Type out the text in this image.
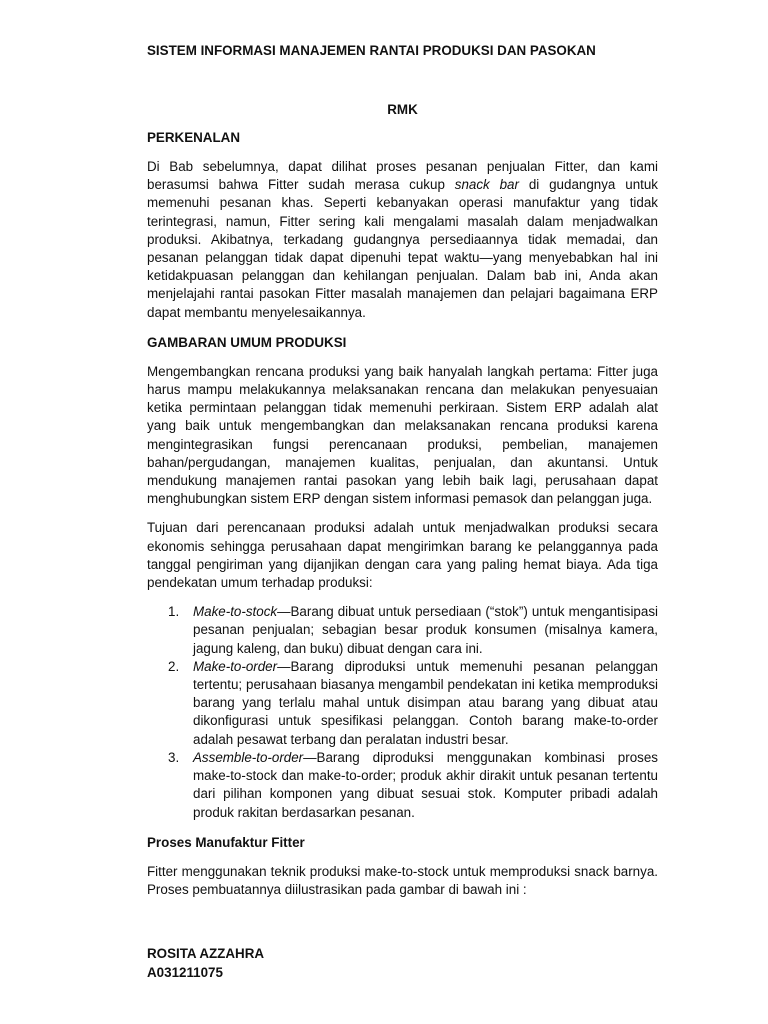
SISTEM INFORMASI MANAJEMEN RANTAI PRODUKSI DAN PASOKAN
RMK
PERKENALAN

Di Bab sebelumnya, dapat dilihat proses pesanan penjualan Fitter, dan kami berasumsi bahwa Fitter sudah merasa cukup snack bar di gudangnya untuk memenuhi pesanan khas. Seperti kebanyakan operasi manufaktur yang tidak terintegrasi, namun, Fitter sering kali mengalami masalah dalam menjadwalkan produksi. Akibatnya, terkadang gudangnya persediaannya tidak memadai, dan pesanan pelanggan tidak dapat dipenuhi tepat waktu—yang menyebabkan hal ini ketidakpuasan pelanggan dan kehilangan penjualan. Dalam bab ini, Anda akan menjelajahi rantai pasokan Fitter masalah manajemen dan pelajari bagaimana ERP dapat membantu menyelesaikannya.

GAMBARAN UMUM PRODUKSI

Mengembangkan rencana produksi yang baik hanyalah langkah pertama: Fitter juga harus mampu melakukannya melaksanakan rencana dan melakukan penyesuaian ketika permintaan pelanggan tidak memenuhi perkiraan. Sistem ERP adalah alat yang baik untuk mengembangkan dan melaksanakan rencana produksi karena mengintegrasikan fungsi perencanaan produksi, pembelian, manajemen bahan/pergudangan, manajemen kualitas, penjualan, dan akuntansi. Untuk mendukung manajemen rantai pasokan yang lebih baik lagi, perusahaan dapat menghubungkan sistem ERP dengan sistem informasi pemasok dan pelanggan juga.

Tujuan dari perencanaan produksi adalah untuk menjadwalkan produksi secara ekonomis sehingga perusahaan dapat mengirimkan barang ke pelanggannya pada tanggal pengiriman yang dijanjikan dengan cara yang paling hemat biaya. Ada tiga pendekatan umum terhadap produksi:

1. Make-to-stock—Barang dibuat untuk persediaan (“stok”) untuk mengantisipasi pesanan penjualan; sebagian besar produk konsumen (misalnya kamera, jagung kaleng, dan buku) dibuat dengan cara ini.
2. Make-to-order—Barang diproduksi untuk memenuhi pesanan pelanggan tertentu; perusahaan biasanya mengambil pendekatan ini ketika memproduksi barang yang terlalu mahal untuk disimpan atau barang yang dibuat atau dikonfigurasi untuk spesifikasi pelanggan. Contoh barang make-to-order adalah pesawat terbang dan peralatan industri besar.
3. Assemble-to-order—Barang diproduksi menggunakan kombinasi proses make-to-stock dan make-to-order; produk akhir dirakit untuk pesanan tertentu dari pilihan komponen yang dibuat sesuai stok. Komputer pribadi adalah produk rakitan berdasarkan pesanan.
Proses Manufaktur Fitter

Fitter menggunakan teknik produksi make-to-stock untuk memproduksi snack barnya. Proses pembuatannya diilustrasikan pada gambar di bawah ini :

ROSITA AZZAHRA
A031211075
